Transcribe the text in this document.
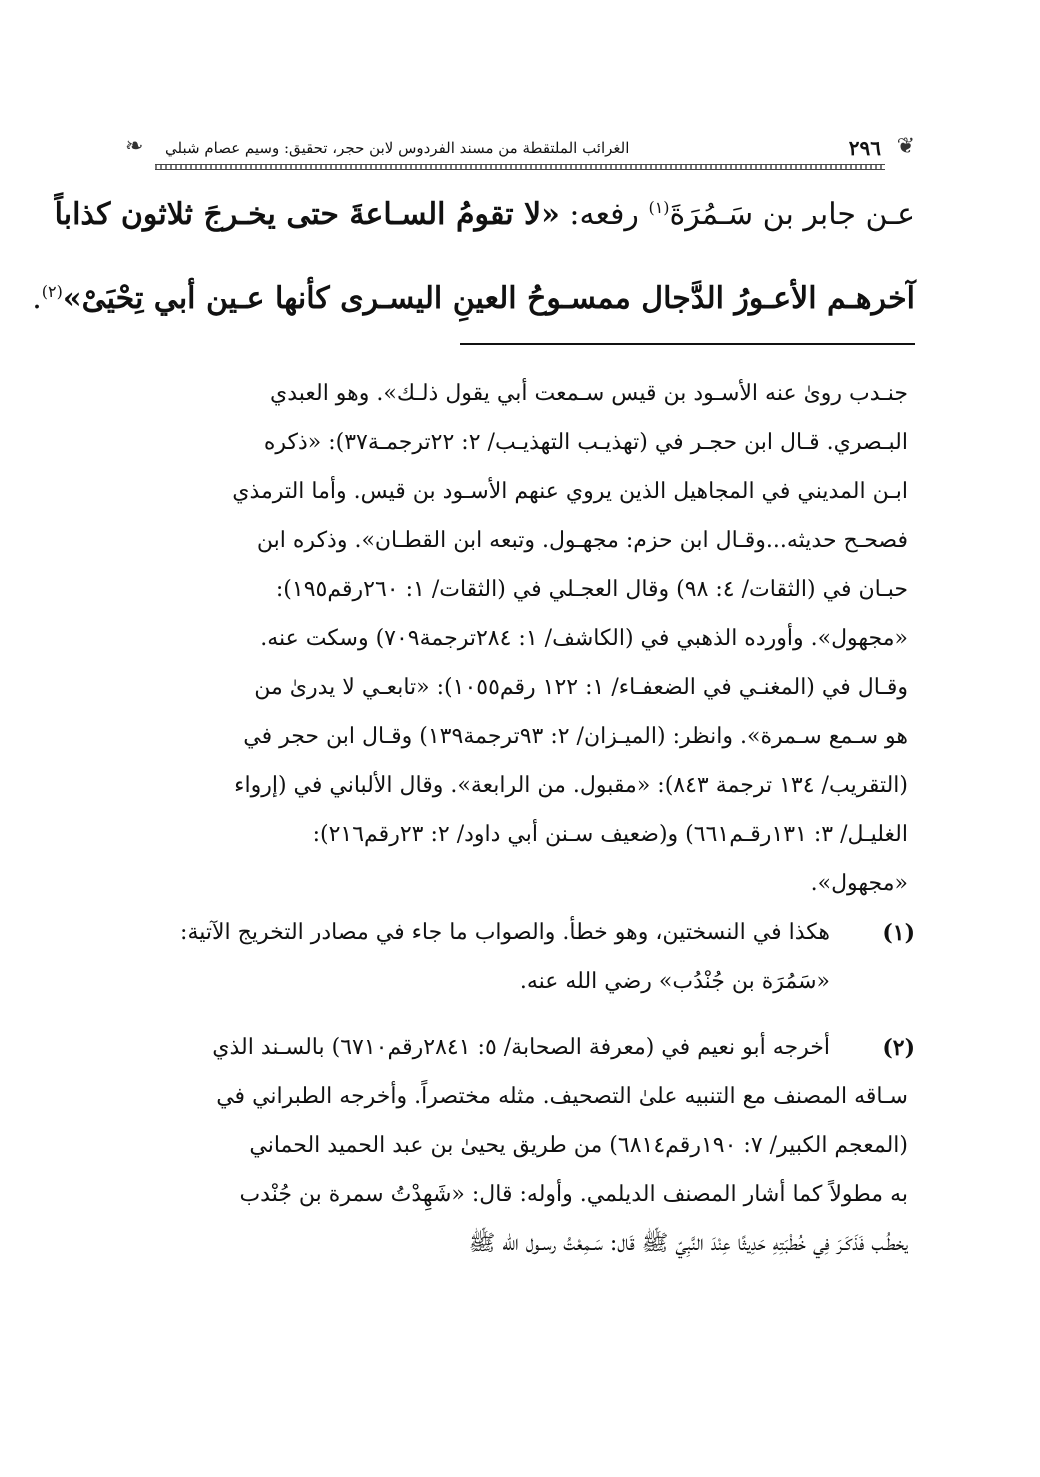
❦
٢٩٦
الغرائب الملتقطة من مسند الفردوس لابن حجر، تحقيق: وسيم عصام شبلي
❧
عـن جابر بن سَـمُرَةَ$^{(١)}$ رفعه: «لا تقومُ السـاعةَ حتى يخـرجَ ثلاثون كذاباً
آخرهـم الأعـورُ الدَّجال ممسـوحُ العينِ اليسـرى كأنها عـين أبي تِحْيَىْ»$^{(٢)}$.
جنـدب رویٰ عنه الأسـود بن قيس سـمعت أبي يقول ذلـك». وهو العبدي
البـصري. قـال ابن حجـر في (تهذيـب التهذيـب/ ٢: ٢٢ترجمـة٣٧): «ذكره
ابـن المديني في المجاهيل الذين يروي عنهم الأسـود بن قيس. وأما الترمذي
فصحـح حديثه...وقـال ابن حزم: مجهـول. وتبعه ابن القطـان». وذكره ابن
حبـان في (الثقات/ ٤: ٩٨) وقال العجـلي في (الثقات/ ١: ٢٦٠رقم١٩٥):
«مجهول». وأورده الذهبي في (الكاشف/ ١: ٢٨٤ترجمة٧٠٩) وسكت عنه.
وقـال في (المغنـي في الضعفـاء/ ١: ١٢٢ رقم١٠٥٥): «تابعـي لا يدریٰ من
هو سـمع سـمرة». وانظر: (الميـزان/ ٢: ٩٣ترجمة١٣٩) وقـال ابن حجر في
(التقريب/ ١٣٤ ترجمة ٨٤٣): «مقبول. من الرابعة». وقال الألباني في (إرواء
الغليـل/ ٣: ١٣١رقـم٦٦١) و(ضعيف سـنن أبي داود/ ٢: ٢٣رقم٢١٦):
«مجهول».
(١)
هكذا في النسختين، وهو خطأ. والصواب ما جاء في مصادر التخريج الآتية:
«سَمُرَة بن جُنْدُب» رضي الله عنه.
(٢)
أخرجه أبو نعيم في (معرفة الصحابة/ ٥: ٢٨٤١رقم٦٧١٠) بالسـند الذي
سـاقه المصنف مع التنبيه علىٰ التصحيف. مثله مختصراً. وأخرجه الطبراني في
(المعجم الكبير/ ٧: ١٩٠رقم٦٨١٤) من طريق يحيىٰ بن عبد الحميد الحماني
به مطولاً كما أشار المصنف الديلمي. وأوله: قال: «شَهِدْتُ سمرة بن جُنْدب
يخطُـب فَذَكَـرَ فِي خُطْبَتِهِ حَدِيثًا عِنْدَ النَّبِيّ ﷺ قَال: سَـمِعْتُ رسـول الله ﷺ
